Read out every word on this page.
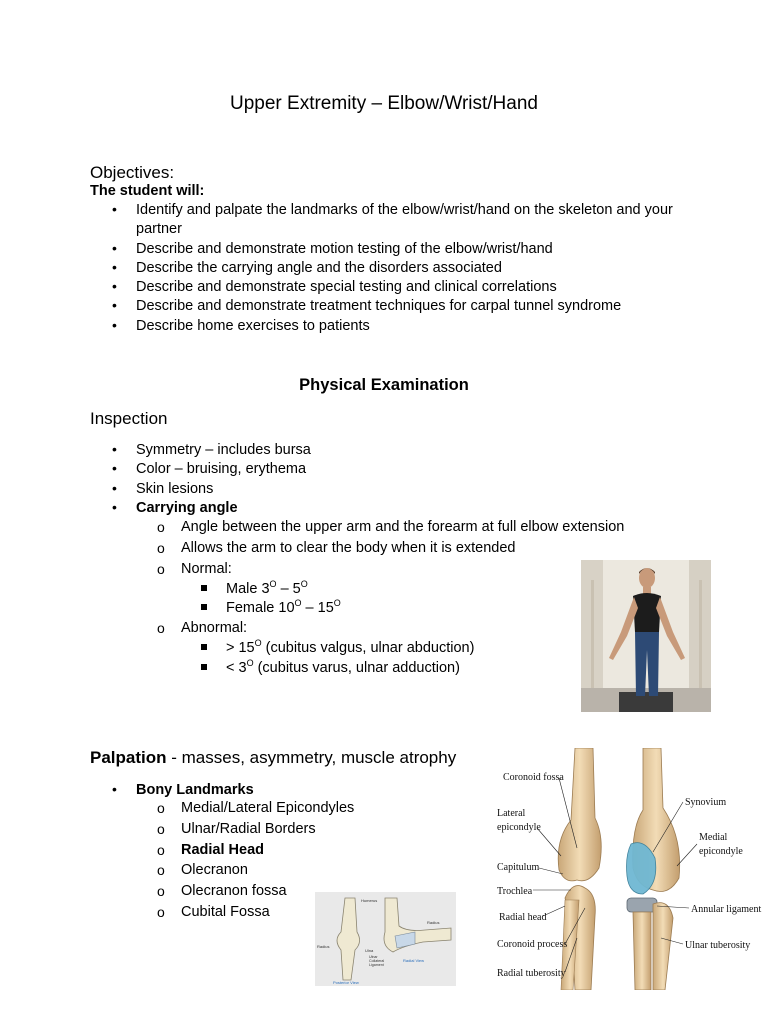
Upper Extremity – Elbow/Wrist/Hand
Objectives:
The student will:
• Identify and palpate the landmarks of the elbow/wrist/hand on the skeleton and your partner
• Describe and demonstrate motion testing of the elbow/wrist/hand
• Describe the carrying angle and the disorders associated
• Describe and demonstrate special testing and clinical correlations
• Describe and demonstrate treatment techniques for carpal tunnel syndrome
• Describe home exercises to patients
Physical Examination
Inspection
• Symmetry – includes bursa
• Color – bruising, erythema
• Skin lesions
• Carrying angle
o Angle between the upper arm and the forearm at full elbow extension
o Allows the arm to clear the body when it is extended
o Normal:
Male $3^O - 5^O$
Female $10^O - 15^O$
o Abnormal:
> $15^O$ (cubitus valgus, ulnar abduction)
< $3^O$ (cubitus varus, ulnar adduction)
Palpation - masses, asymmetry, muscle atrophy
• Bony Landmarks
o Medial/Lateral Epicondyles
o Ulnar/Radial Borders
o Radial Head
o Olecranon
o Olecranon fossa
o Cubital Fossa
Humerus
Radius
Radius
Ulna
Ulnar
Collateral
Ligament
Radial View
Posterior View
Coronoid fossa
Lateral
epicondyle
Capitulum
Trochlea
Radial head
Coronoid process
Radial tuberosity
Synovium
Medial
epicondyle
Annular ligament
Ulnar tuberosity
